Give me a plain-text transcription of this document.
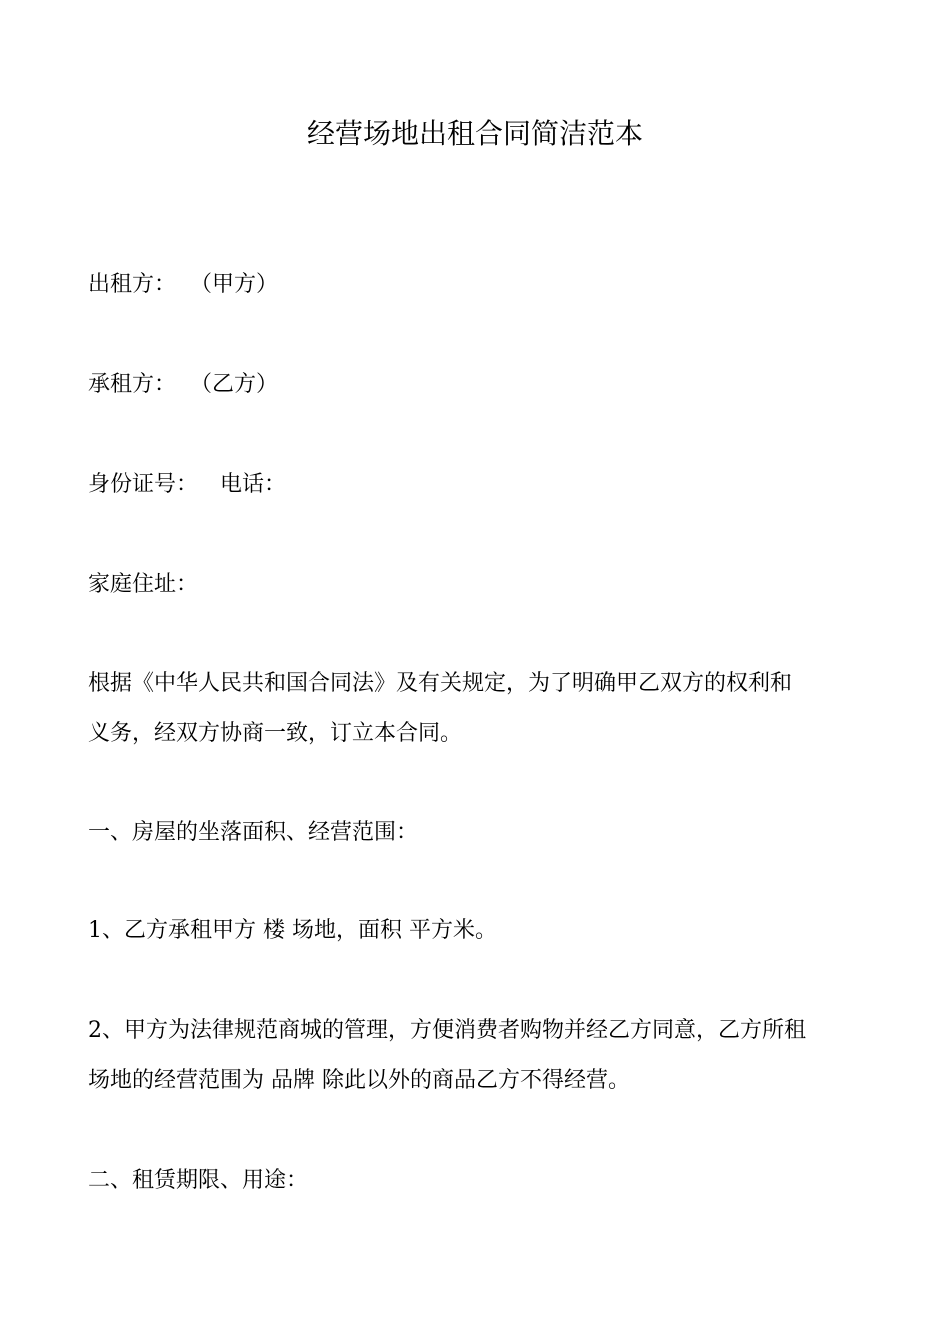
经营场地出租合同简洁范本
出租方： （甲方）
承租方： （乙方）
身份证号： 电话：
家庭住址：
根据《中华人民共和国合同法》及有关规定，为了明确甲乙双方的权利和
义务，经双方协商一致，订立本合同。
一、房屋的坐落面积、经营范围：
1、乙方承租甲方 楼 场地，面积 平方米。
2、甲方为法律规范商城的管理，方便消费者购物并经乙方同意，乙方所租
场地的经营范围为 品牌 除此以外的商品乙方不得经营。
二、租赁期限、用途：
